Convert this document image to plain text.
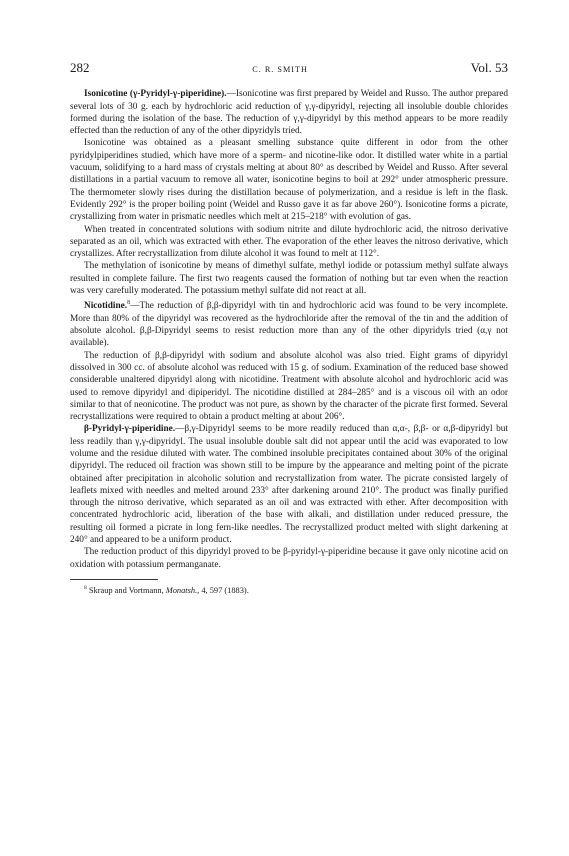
282	C. R. SMITH	Vol. 53

Isonicotine (γ-Pyridyl-γ-piperidine).—Isonicotine was first prepared by Weidel and Russo. The author prepared several lots of 30 g. each by hydrochloric acid reduction of γ,γ-dipyridyl, rejecting all insoluble double chlorides formed during the isolation of the base. The reduction of γ,γ-dipyridyl by this method appears to be more readily effected than the reduction of any of the other dipyridyls tried.

Isonicotine was obtained as a pleasant smelling substance quite different in odor from the other pyridylpiperidines studied, which have more of a sperm- and nicotine-like odor. It distilled water white in a partial vacuum, solidifying to a hard mass of crystals melting at about 80° as described by Weidel and Russo. After several distillations in a partial vacuum to remove all water, isonicotine begins to boil at 292° under atmospheric pressure. The thermometer slowly rises during the distillation because of polymerization, and a residue is left in the flask. Evidently 292° is the proper boiling point (Weidel and Russo gave it as far above 260°). Isonicotine forms a picrate, crystallizing from water in prismatic needles which melt at 215–218° with evolution of gas.

When treated in concentrated solutions with sodium nitrite and dilute hydrochloric acid, the nitroso derivative separated as an oil, which was extracted with ether. The evaporation of the ether leaves the nitroso derivative, which crystallizes. After recrystallization from dilute alcohol it was found to melt at 112°.

The methylation of isonicotine by means of dimethyl sulfate, methyl iodide or potassium methyl sulfate always resulted in complete failure. The first two reagents caused the formation of nothing but tar even when the reaction was very carefully moderated. The potassium methyl sulfate did not react at all.

Nicotidine.$^8$—The reduction of β,β-dipyridyl with tin and hydrochloric acid was found to be very incomplete. More than 80% of the dipyridyl was recovered as the hydrochloride after the removal of the tin and the addition of absolute alcohol. β,β-Dipyridyl seems to resist reduction more than any of the other dipyridyls tried (α,γ not available).

The reduction of β,β-dipyridyl with sodium and absolute alcohol was also tried. Eight grams of dipyridyl dissolved in 300 cc. of absolute alcohol was reduced with 15 g. of sodium. Examination of the reduced base showed considerable unaltered dipyridyl along with nicotidine. Treatment with absolute alcohol and hydrochloric acid was used to remove dipyridyl and dipiperidyl. The nicotidine distilled at 284–285° and is a viscous oil with an odor similar to that of neonicotine. The product was not pure, as shown by the character of the picrate first formed. Several recrystallizations were required to obtain a product melting at about 206°.

β-Pyridyl-γ-piperidine.—β,γ-Dipyridyl seems to be more readily reduced than α,α-, β,β- or α,β-dipyridyl but less readily than γ,γ-dipyridyl. The usual insoluble double salt did not appear until the acid was evaporated to low volume and the residue diluted with water. The combined insoluble precipitates contained about 30% of the original dipyridyl. The reduced oil fraction was shown still to be impure by the appearance and melting point of the picrate obtained after precipitation in alcoholic solution and recrystallization from water. The picrate consisted largely of leaflets mixed with needles and melted around 233° after darkening around 210°. The product was finally purified through the nitroso derivative, which separated as an oil and was extracted with ether. After decomposition with concentrated hydrochloric acid, liberation of the base with alkali, and distillation under reduced pressure, the resulting oil formed a picrate in long fern-like needles. The recrystallized product melted with slight darkening at 240° and appeared to be a uniform product.

The reduction product of this dipyridyl proved to be β-pyridyl-γ-piperidine because it gave only nicotine acid on oxidation with potassium permanganate.

$^8$ Skraup and Vortmann, Monatsh., 4, 597 (1883).
